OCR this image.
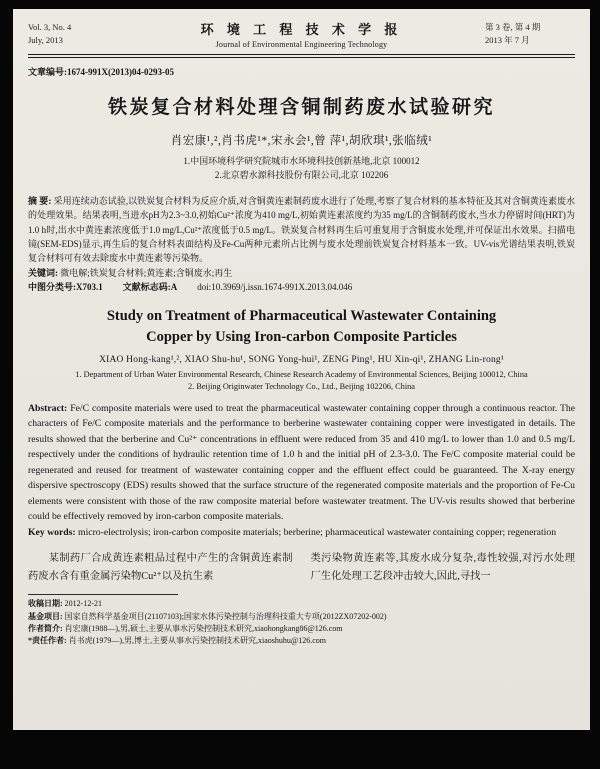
Vol. 3, No. 4
July, 2013
环 境 工 程 技 术 学 报
Journal of Environmental Engineering Technology
第 3 卷, 第 4 期
2013 年 7 月
文章编号:1674-991X(2013)04-0293-05
铁炭复合材料处理含铜制药废水试验研究
肖宏康¹,²,肖书虎¹*,宋永会¹,曾 萍¹,胡欣琪¹,张临绒¹
1.中国环境科学研究院城市水环境科技创新基地,北京 100012
2.北京碧水源科技股份有限公司,北京 102206
摘 要: 采用连续动态试验,以铁炭复合材料为反应介质,对含铜黄连素制药废水进行了处理,考察了复合材料的基本特征及其对含铜黄连素废水的处理效果。结果表明,当进水pH为2.3~3.0,初始Cu²⁺浓度为410 mg/L,初始黄连素浓度约为35 mg/L的含铜制药废水,当水力停留时间(HRT)为1.0 h时,出水中黄连素浓度低于1.0 mg/L,Cu²⁺浓度低于0.5 mg/L。铁炭复合材料再生后可重复用于含铜废水处理,并可保证出水效果。扫描电镜(SEM-EDS)显示,再生后的复合材料表面结构及Fe-Cu两种元素所占比例与废水处理前铁炭复合材料基本一致。UV-vis光谱结果表明,铁炭复合材料可有效去除废水中黄连素等污染物。
关键词: 微电解;铁炭复合材料;黄连素;含铜废水;再生
中图分类号:X703.1 文献标志码:A doi:10.3969/j.issn.1674-991X.2013.04.046
Study on Treatment of Pharmaceutical Wastewater Containing
Copper by Using Iron-carbon Composite Particles
XIAO Hong-kang¹,², XIAO Shu-hu¹, SONG Yong-hui¹, ZENG Ping¹, HU Xin-qi¹, ZHANG Lin-rong¹
1. Department of Urban Water Environmental Research, Chinese Research Academy of Environmental Sciences, Beijing 100012, China
2. Beijing Originwater Technology Co., Ltd., Beijing 102206, China
Abstract: Fe/C composite materials were used to treat the pharmaceutical wastewater containing copper through a continuous reactor. The characters of Fe/C composite materials and the performance to berberine wastewater containing copper were investigated in details. The results showed that the berberine and Cu²⁺ concentrations in effluent were reduced from 35 and 410 mg/L to lower than 1.0 and 0.5 mg/L respectively under the conditions of hydraulic retention time of 1.0 h and the initial pH of 2.3-3.0. The Fe/C composite material could be regenerated and reused for treatment of wastewater containing copper and the effluent effect could be guaranteed. The X-ray energy dispersive spectroscopy (EDS) results showed that the surface structure of the regenerated composite materials and the proportion of Fe-Cu elements were consistent with those of the raw composite material before wastewater treatment. The UV-vis results showed that berberine could be effectively removed by iron-carbon composite materials.
Key words: micro-electrolysis; iron-carbon composite materials; berberine; pharmaceutical wastewater containing copper; regeneration
某制药厂合成黄连素粗品过程中产生的含铜黄连素制药废水含有重金属污染物Cu²⁺以及抗生素
类污染物黄连素等,其废水成分复杂,毒性较强,对污水处理厂生化处理工艺段冲击较大,因此,寻找一
收稿日期: 2012-12-21
基金项目: 国家自然科学基金项目(21107103);国家水体污染控制与治理科技重大专项(2012ZX07202-002)
作者简介: 肖宏康(1988—),男,硕士,主要从事水污染控制技术研究,xiaohongkang86@126.com
*责任作者: 肖书虎(1979—),男,博士,主要从事水污染控制技术研究,xiaoshuhu@126.com
